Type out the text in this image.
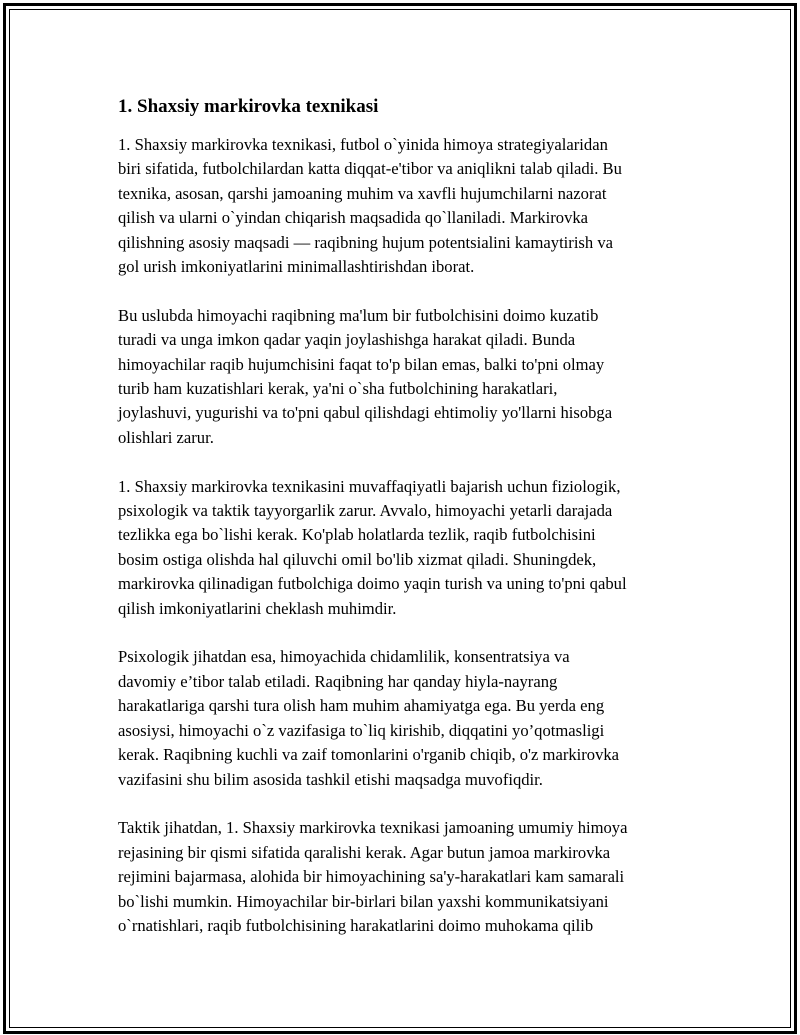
1. Shaxsiy markirovka texnikasi
1. Shaxsiy markirovka texnikasi, futbol o`yinida himoya strategiyalaridan
biri sifatida, futbolchilardan katta diqqat-e'tibor va aniqlikni talab qiladi. Bu
texnika, asosan, qarshi jamoaning muhim va xavfli hujumchilarni nazorat
qilish va ularni o`yindan chiqarish maqsadida qo`llaniladi. Markirovka
qilishning asosiy maqsadi — raqibning hujum potentsialini kamaytirish va
gol urish imkoniyatlarini minimallashtirishdan iborat.
Bu uslubda himoyachi raqibning ma'lum bir futbolchisini doimo kuzatib
turadi va unga imkon qadar yaqin joylashishga harakat qiladi. Bunda
himoyachilar raqib hujumchisini faqat to'p bilan emas, balki to'pni olmay
turib ham kuzatishlari kerak, ya'ni o`sha futbolchining harakatlari,
joylashuvi, yugurishi va to'pni qabul qilishdagi ehtimoliy yo'llarni hisobga
olishlari zarur.
1. Shaxsiy markirovka texnikasini muvaffaqiyatli bajarish uchun fiziologik,
psixologik va taktik tayyorgarlik zarur. Avvalo, himoyachi yetarli darajada
tezlikka ega bo`lishi kerak. Ko'plab holatlarda tezlik, raqib futbolchisini
bosim ostiga olishda hal qiluvchi omil bo'lib xizmat qiladi. Shuningdek,
markirovka qilinadigan futbolchiga doimo yaqin turish va uning to'pni qabul
qilish imkoniyatlarini cheklash muhimdir.
Psixologik jihatdan esa, himoyachida chidamlilik, konsentratsiya va
davomiy e’tibor talab etiladi. Raqibning har qanday hiyla-nayrang
harakatlariga qarshi tura olish ham muhim ahamiyatga ega. Bu yerda eng
asosiysi, himoyachi o`z vazifasiga to`liq kirishib, diqqatini yo’qotmasligi
kerak. Raqibning kuchli va zaif tomonlarini o'rganib chiqib, o'z markirovka
vazifasini shu bilim asosida tashkil etishi maqsadga muvofiqdir.
Taktik jihatdan, 1. Shaxsiy markirovka texnikasi jamoaning umumiy himoya
rejasining bir qismi sifatida qaralishi kerak. Agar butun jamoa markirovka
rejimini bajarmasa, alohida bir himoyachining sa'y-harakatlari kam samarali
bo`lishi mumkin. Himoyachilar bir-birlari bilan yaxshi kommunikatsiyani
o`rnatishlari, raqib futbolchisining harakatlarini doimo muhokama qilib
